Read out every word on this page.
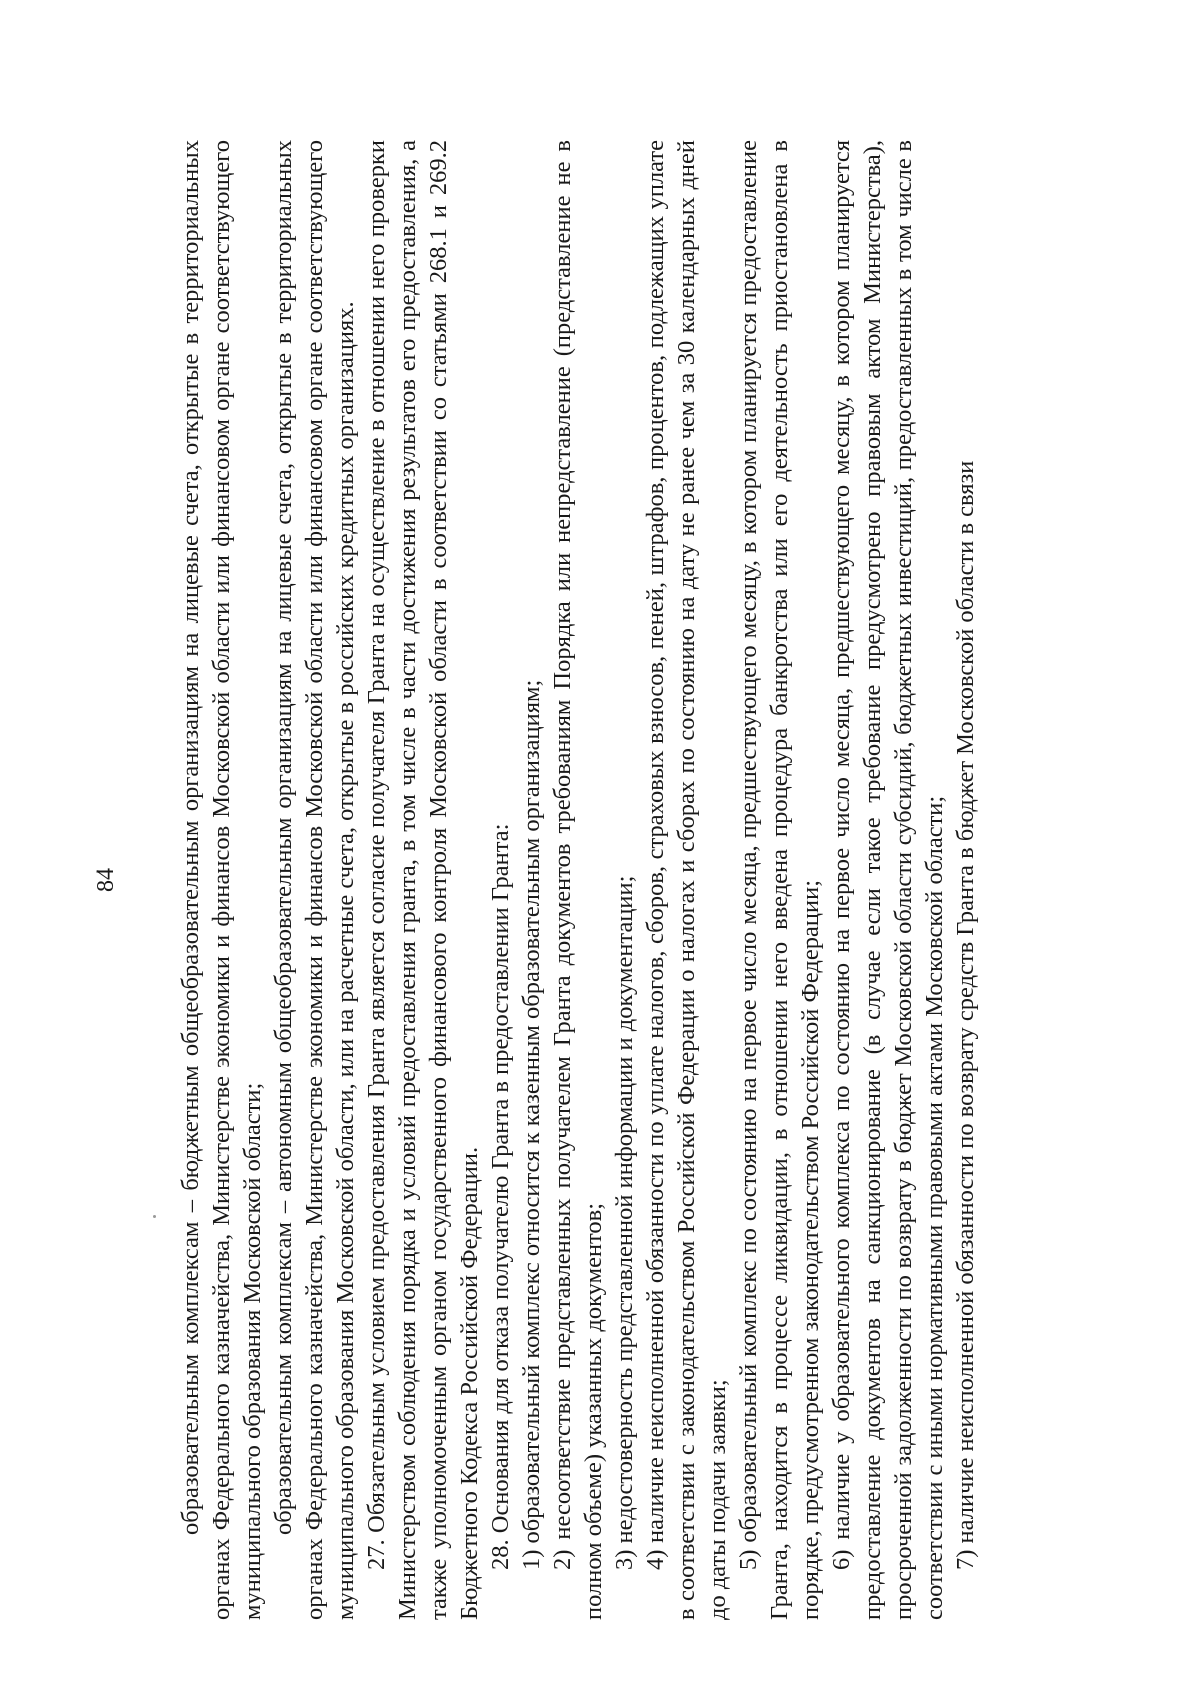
84 образовательным комплексам – бюджетным общеобразовательным организациям на лицевые счета, открытые в территориальных органах Федерального казначейства, Министерстве экономики и финансов Московской области или финансовом органе соответствующего муниципального образования Московской области; образовательным комплексам – автономным общеобразовательным организациям на лицевые счета, открытые в территориальных органах Федерального казначейства, Министерстве экономики и финансов Московской области или финансовом органе соответствующего муниципального образования Московской области, или на расчетные счета, открытые в российских кредитных организациях. 27. Обязательным условием предоставления Гранта является согласие получателя Гранта на осуществление в отношении него проверки Министерством соблюдения порядка и условий предоставления гранта, в том числе в части достижения результатов его предоставления, а также уполномоченным органом государственного финансового контроля Московской области в соответствии со статьями 268.1 и 269.2 Бюджетного Кодекса Российской Федерации. 28. Основания для отказа получателю Гранта в предоставлении Гранта: 1) образовательный комплекс относится к казенным образовательным организациям; 2) несоответствие представленных получателем Гранта документов требованиям Порядка или непредставление (представление не в полном объеме) указанных документов; 3) недостоверность представленной информации и документации; 4) наличие неисполненной обязанности по уплате налогов, сборов, страховых взносов, пеней, штрафов, процентов, подлежащих уплате в соответствии с законодательством Российской Федерации о налогах и сборах по состоянию на дату не ранее чем за 30 календарных дней до даты подачи заявки; 5) образовательный комплекс по состоянию на первое число месяца, предшествующего месяцу, в котором планируется предоставление Гранта, находится в процессе ликвидации, в отношении него введена процедура банкротства или его деятельность приостановлена в порядке, предусмотренном законодательством Российской Федерации; 6) наличие у образовательного комплекса по состоянию на первое число месяца, предшествующего месяцу, в котором планируется предоставление документов на санкционирование (в случае если такое требование предусмотрено правовым актом Министерства), просроченной задолженности по возврату в бюджет Московской области субсидий, бюджетных инвестиций, предоставленных в том числе в соответствии с иными нормативными правовыми актами Московской области; 7) наличие неисполненной обязанности по возврату средств Гранта в бюджет Московской области в связи
